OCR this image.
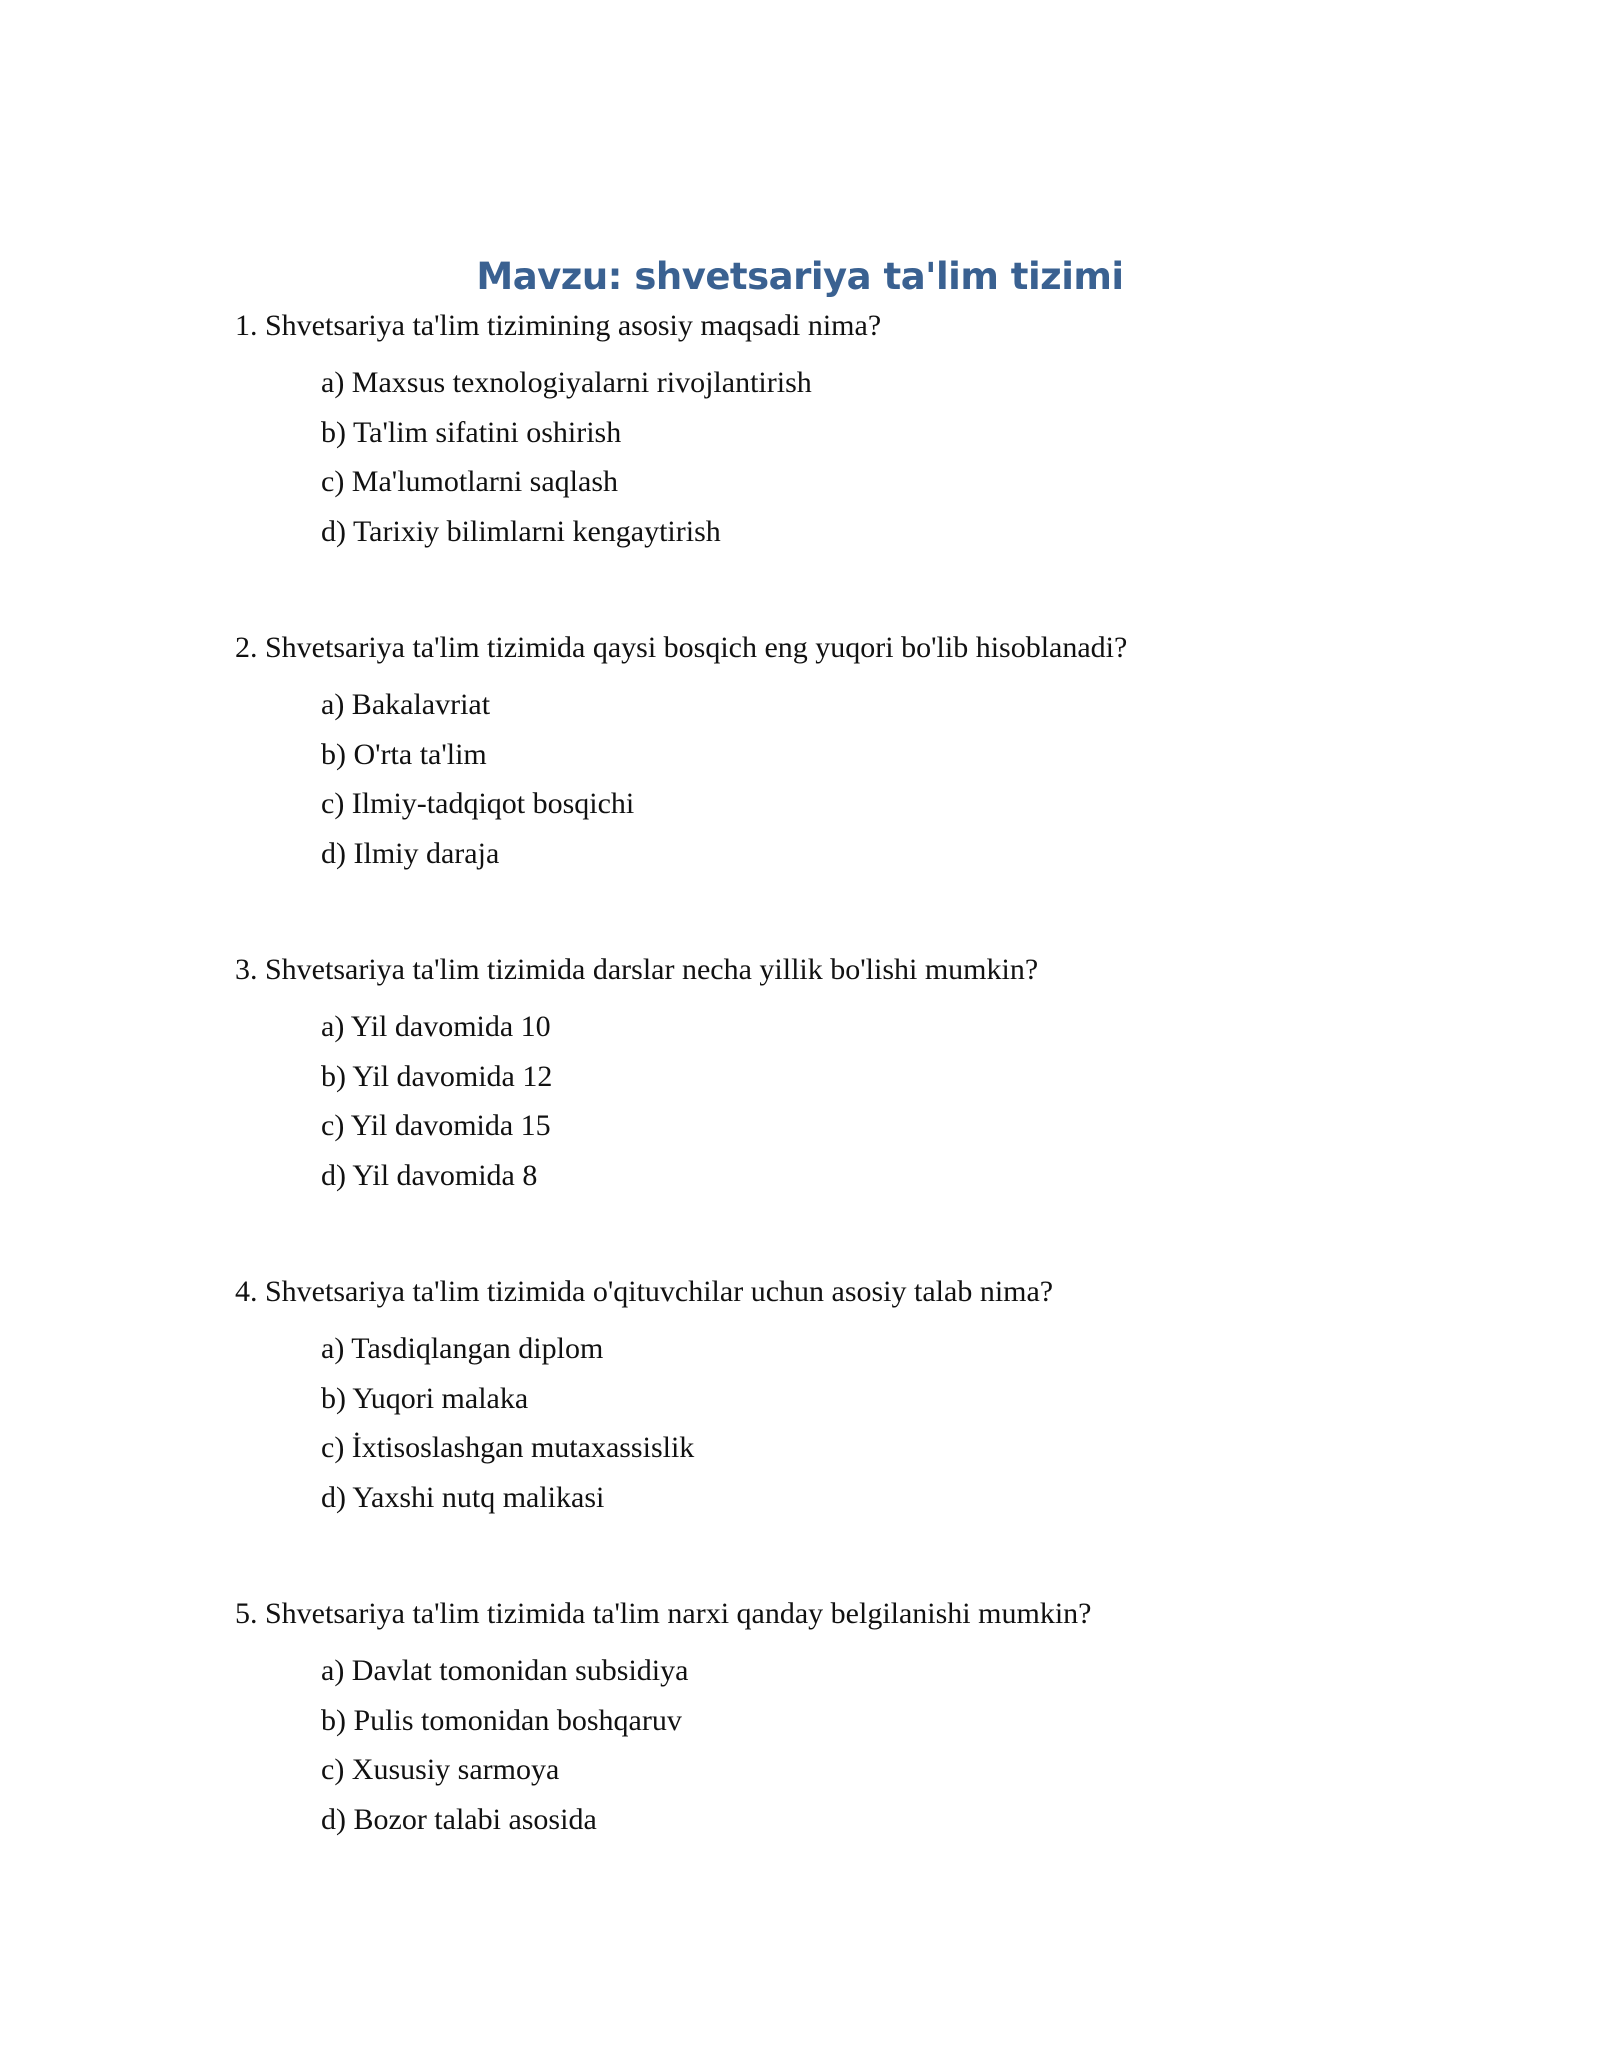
Mavzu: shvetsariya ta'lim tizimi
1. Shvetsariya ta'lim tizimining asosiy maqsadi nima?
a) Maxsus texnologiyalarni rivojlantirish
b) Ta'lim sifatini oshirish
c) Ma'lumotlarni saqlash
d) Tarixiy bilimlarni kengaytirish
2. Shvetsariya ta'lim tizimida qaysi bosqich eng yuqori bo'lib hisoblanadi?
a) Bakalavriat
b) O'rta ta'lim
c) Ilmiy-tadqiqot bosqichi
d) Ilmiy daraja
3. Shvetsariya ta'lim tizimida darslar necha yillik bo'lishi mumkin?
a) Yil davomida 10
b) Yil davomida 12
c) Yil davomida 15
d) Yil davomida 8
4. Shvetsariya ta'lim tizimida o'qituvchilar uchun asosiy talab nima?
a) Tasdiqlangan diplom
b) Yuqori malaka
c) İxtisoslashgan mutaxassislik
d) Yaxshi nutq malikasi
5. Shvetsariya ta'lim tizimida ta'lim narxi qanday belgilanishi mumkin?
a) Davlat tomonidan subsidiya
b) Pulis tomonidan boshqaruv
c) Xususiy sarmoya
d) Bozor talabi asosida
